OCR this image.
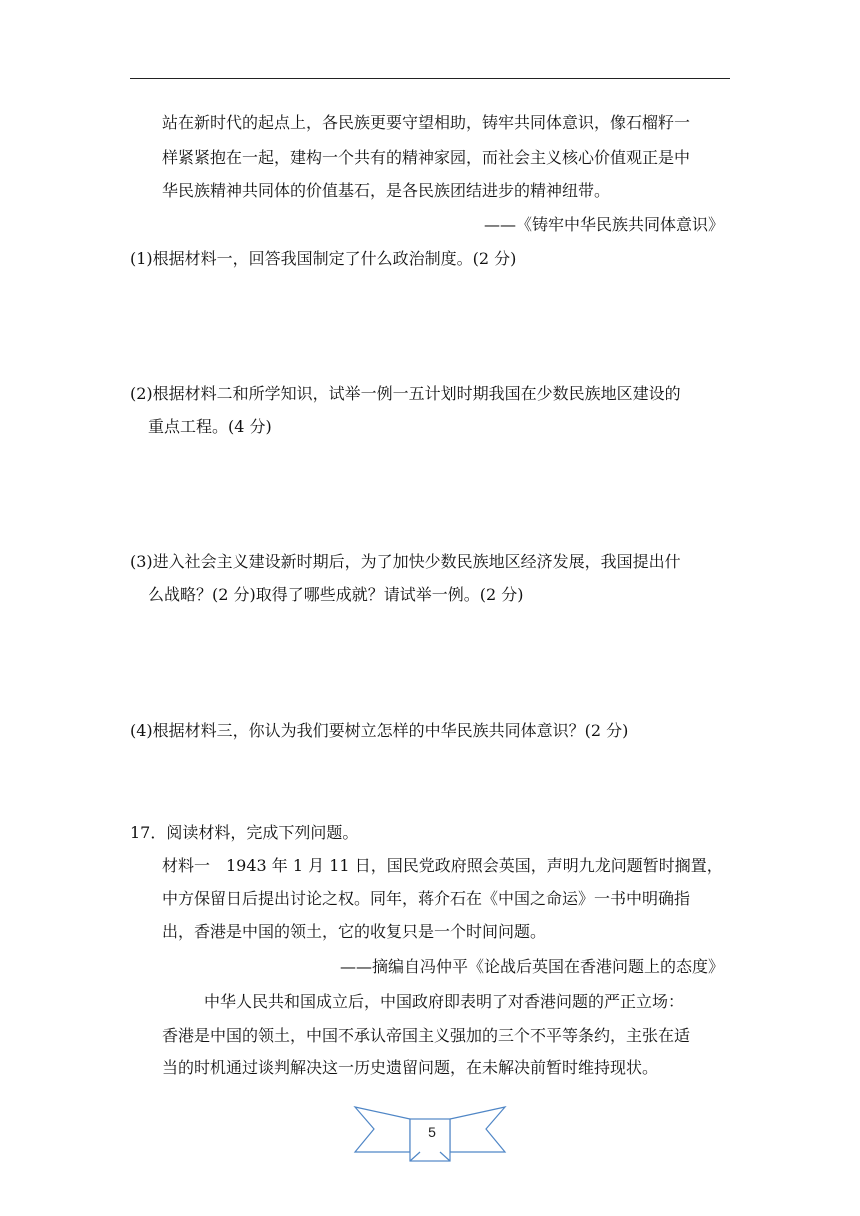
站在新时代的起点上，各民族更要守望相助，铸牢共同体意识，像石榴籽一
样紧紧抱在一起，建构一个共有的精神家园，而社会主义核心价值观正是中
华民族精神共同体的价值基石，是各民族团结进步的精神纽带。
——《铸牢中华民族共同体意识》
(1)根据材料一，回答我国制定了什么政治制度。(2 分)
(2)根据材料二和所学知识，试举一例一五计划时期我国在少数民族地区建设的
重点工程。(4 分)
(3)进入社会主义建设新时期后，为了加快少数民族地区经济发展，我国提出什
么战略？(2 分)取得了哪些成就？请试举一例。(2 分)
(4)根据材料三，你认为我们要树立怎样的中华民族共同体意识？(2 分)
17．阅读材料，完成下列问题。
材料一　1943 年 1 月 11 日，国民党政府照会英国，声明九龙问题暂时搁置，
中方保留日后提出讨论之权。同年，蒋介石在《中国之命运》一书中明确指
出，香港是中国的领土，它的收复只是一个时间问题。
——摘编自冯仲平《论战后英国在香港问题上的态度》
中华人民共和国成立后，中国政府即表明了对香港问题的严正立场：
香港是中国的领土，中国不承认帝国主义强加的三个不平等条约，主张在适
当的时机通过谈判解决这一历史遗留问题，在未解决前暂时维持现状。
5
